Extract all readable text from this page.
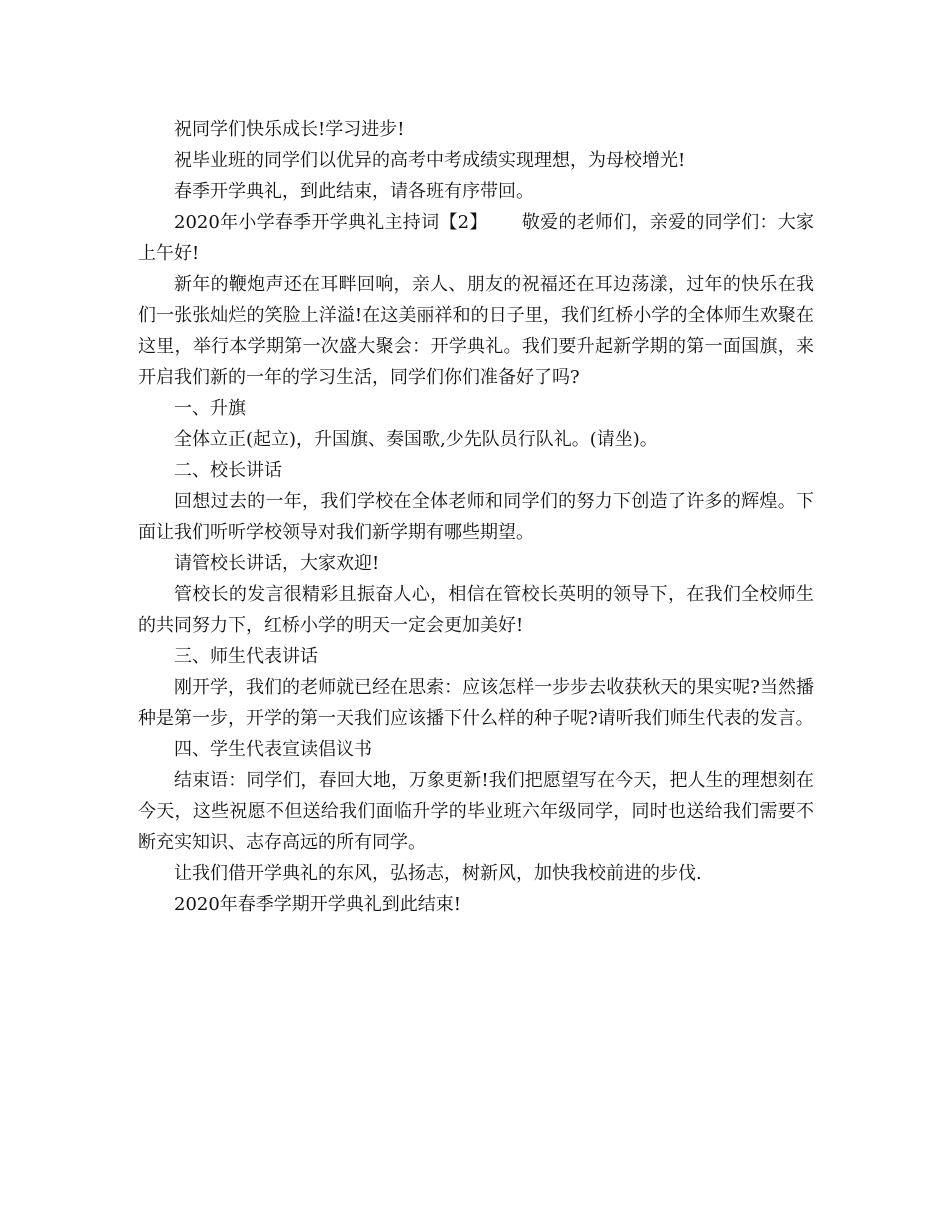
祝同学们快乐成长!学习进步!

祝毕业班的同学们以优异的高考中考成绩实现理想，为母校增光!

春季开学典礼，到此结束，请各班有序带回。

2020年小学春季开学典礼主持词【2】 敬爱的老师们，亲爱的同学们：大家上午好!

新年的鞭炮声还在耳畔回响，亲人、朋友的祝福还在耳边荡漾，过年的快乐在我们一张张灿烂的笑脸上洋溢!在这美丽祥和的日子里，我们红桥小学的全体师生欢聚在这里，举行本学期第一次盛大聚会：开学典礼。我们要升起新学期的第一面国旗，来开启我们新的一年的学习生活，同学们你们准备好了吗?

一、升旗

全体立正(起立)，升国旗、奏国歌,少先队员行队礼。(请坐)。

二、校长讲话

回想过去的一年，我们学校在全体老师和同学们的努力下创造了许多的辉煌。下面让我们听听学校领导对我们新学期有哪些期望。

请管校长讲话，大家欢迎!

管校长的发言很精彩且振奋人心，相信在管校长英明的领导下，在我们全校师生的共同努力下，红桥小学的明天一定会更加美好!

三、师生代表讲话

刚开学，我们的老师就已经在思索：应该怎样一步步去收获秋天的果实呢?当然播种是第一步，开学的第一天我们应该播下什么样的种子呢?请听我们师生代表的发言。

四、学生代表宣读倡议书

结束语：同学们，春回大地，万象更新!我们把愿望写在今天，把人生的理想刻在今天，这些祝愿不但送给我们面临升学的毕业班六年级同学，同时也送给我们需要不断充实知识、志存高远的所有同学。

让我们借开学典礼的东风，弘扬志，树新风，加快我校前进的步伐.

2020年春季学期开学典礼到此结束!
